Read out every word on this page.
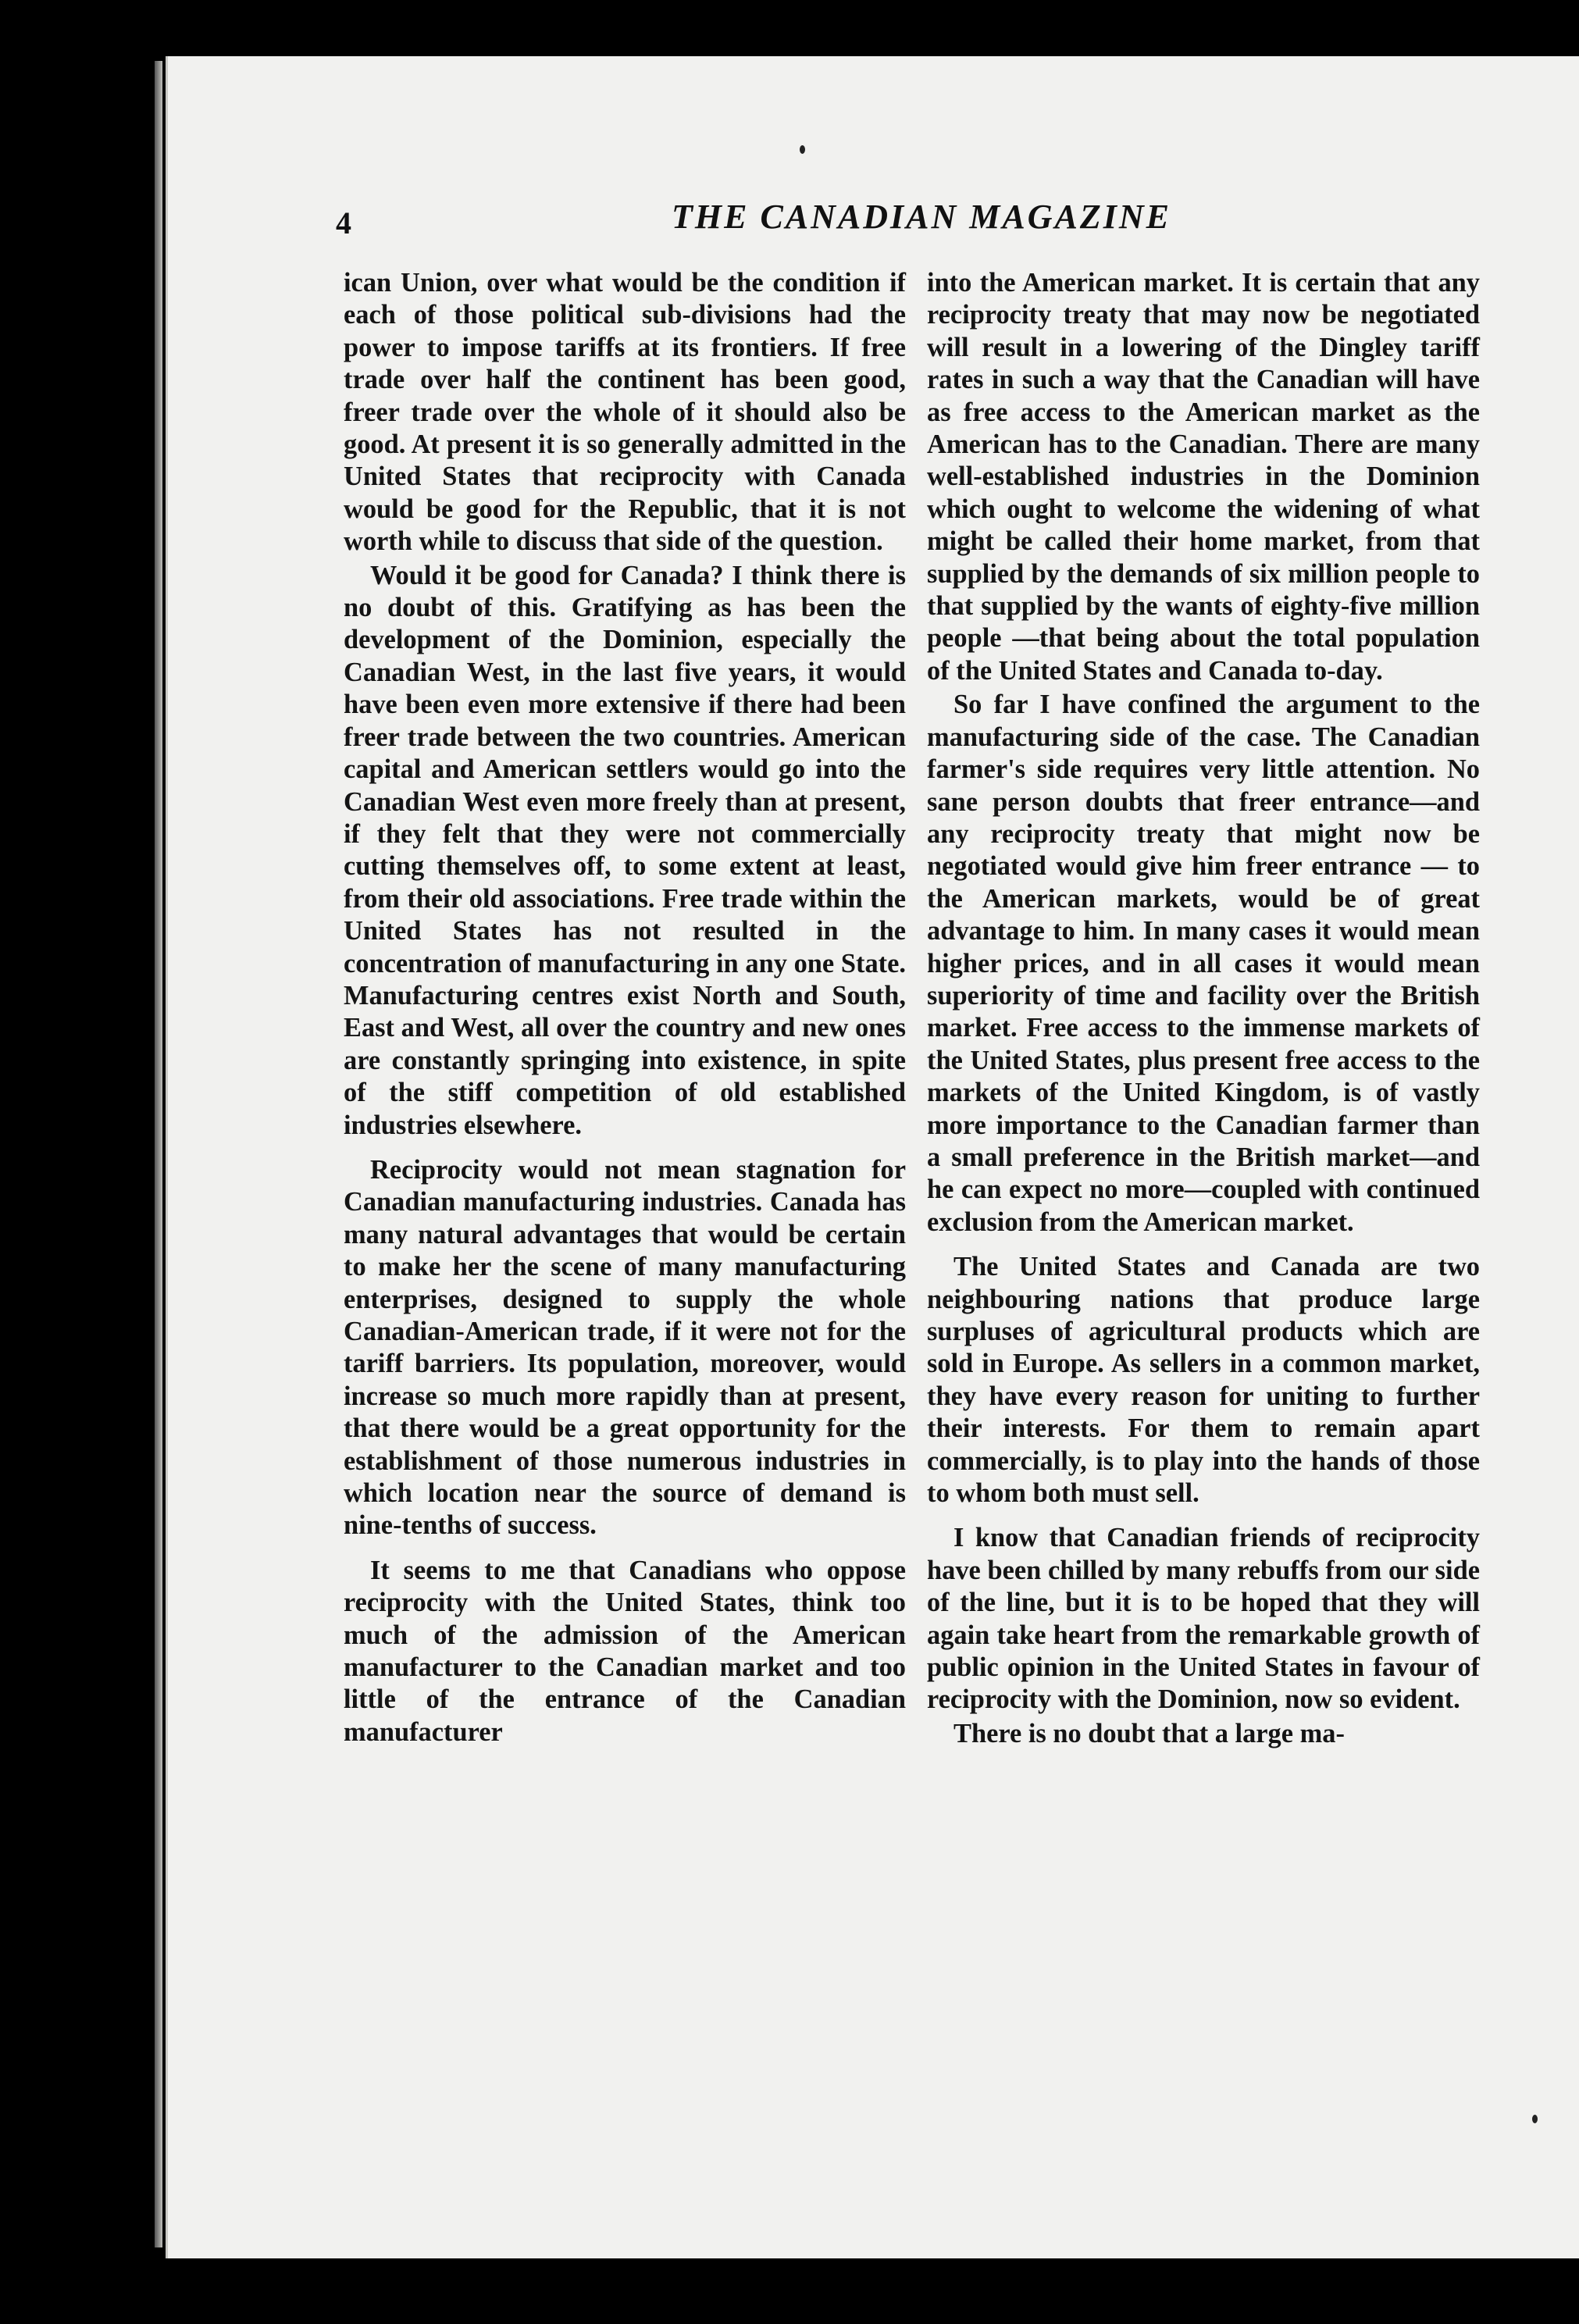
4	THE CANADIAN MAGAZINE

ican Union, over what would be the condition if each of those political sub-divisions had the power to impose tariffs at its frontiers. If free trade over half the continent has been good, freer trade over the whole of it should also be good. At present it is so generally admitted in the United States that reciprocity with Canada would be good for the Republic, that it is not worth while to discuss that side of the question.

Would it be good for Canada? I think there is no doubt of this. Gratifying as has been the development of the Dominion, especially the Canadian West, in the last five years, it would have been even more extensive if there had been freer trade between the two countries. American capital and American settlers would go into the Canadian West even more freely than at present, if they felt that they were not commercially cutting themselves off, to some extent at least, from their old associations. Free trade within the United States has not resulted in the concentration of manufacturing in any one State. Manufacturing centres exist North and South, East and West, all over the country and new ones are constantly springing into existence, in spite of the stiff competition of old established industries elsewhere.

Reciprocity would not mean stagnation for Canadian manufacturing industries. Canada has many natural advantages that would be certain to make her the scene of many manufacturing enterprises, designed to supply the whole Canadian-American trade, if it were not for the tariff barriers. Its population, moreover, would increase so much more rapidly than at present, that there would be a great opportunity for the establishment of those numerous industries in which location near the source of demand is nine-tenths of success.

It seems to me that Canadians who oppose reciprocity with the United States, think too much of the admission of the American manufacturer to the Canadian market and too little of the entrance of the Canadian manufacturer

into the American market. It is certain that any reciprocity treaty that may now be negotiated will result in a lowering of the Dingley tariff rates in such a way that the Canadian will have as free access to the American market as the American has to the Canadian. There are many well-established industries in the Dominion which ought to welcome the widening of what might be called their home market, from that supplied by the demands of six million people to that supplied by the wants of eighty-five million people —that being about the total population of the United States and Canada to-day.

So far I have confined the argument to the manufacturing side of the case. The Canadian farmer's side requires very little attention. No sane person doubts that freer entrance—and any reciprocity treaty that might now be negotiated would give him freer entrance — to the American markets, would be of great advantage to him. In many cases it would mean higher prices, and in all cases it would mean superiority of time and facility over the British market. Free access to the immense markets of the United States, plus present free access to the markets of the United Kingdom, is of vastly more importance to the Canadian farmer than a small preference in the British market—and he can expect no more—coupled with continued exclusion from the American market.

The United States and Canada are two neighbouring nations that produce large surpluses of agricultural products which are sold in Europe. As sellers in a common market, they have every reason for uniting to further their interests. For them to remain apart commercially, is to play into the hands of those to whom both must sell.

I know that Canadian friends of reciprocity have been chilled by many rebuffs from our side of the line, but it is to be hoped that they will again take heart from the remarkable growth of public opinion in the United States in favour of reciprocity with the Dominion, now so evident.

There is no doubt that a large ma-
